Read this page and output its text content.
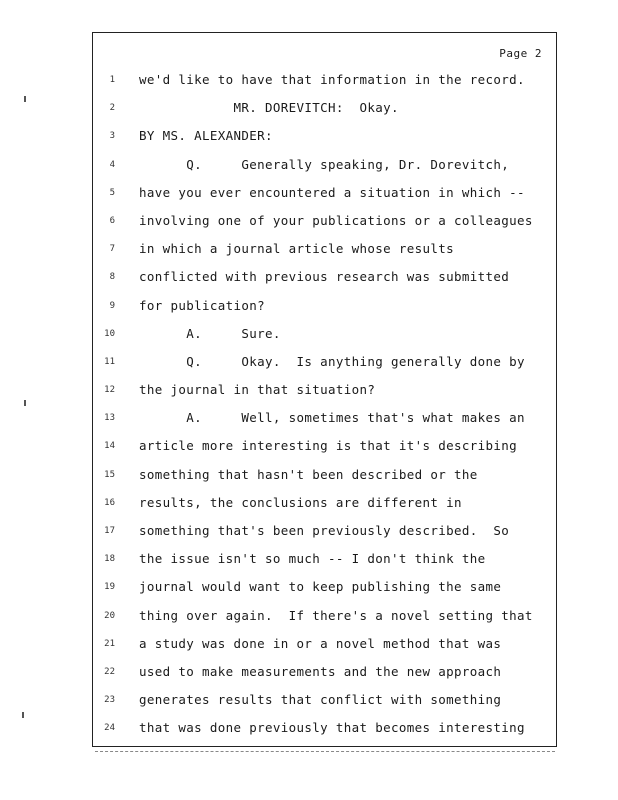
Page 2
1 we'd like to have that information in the record.
2 MR. DOREVITCH:  Okay.
3 BY MS. ALEXANDER:
4 Q.     Generally speaking, Dr. Dorevitch,
5 have you ever encountered a situation in which --
6 involving one of your publications or a colleagues
7 in which a journal article whose results
8 conflicted with previous research was submitted
9 for publication?
10 A.     Sure.
11 Q.     Okay.  Is anything generally done by
12 the journal in that situation?
13 A.     Well, sometimes that's what makes an
14 article more interesting is that it's describing
15 something that hasn't been described or the
16 results, the conclusions are different in
17 something that's been previously described.  So
18 the issue isn't so much -- I don't think the
19 journal would want to keep publishing the same
20 thing over again.  If there's a novel setting that
21 a study was done in or a novel method that was
22 used to make measurements and the new approach
23 generates results that conflict with something
24 that was done previously that becomes interesting
